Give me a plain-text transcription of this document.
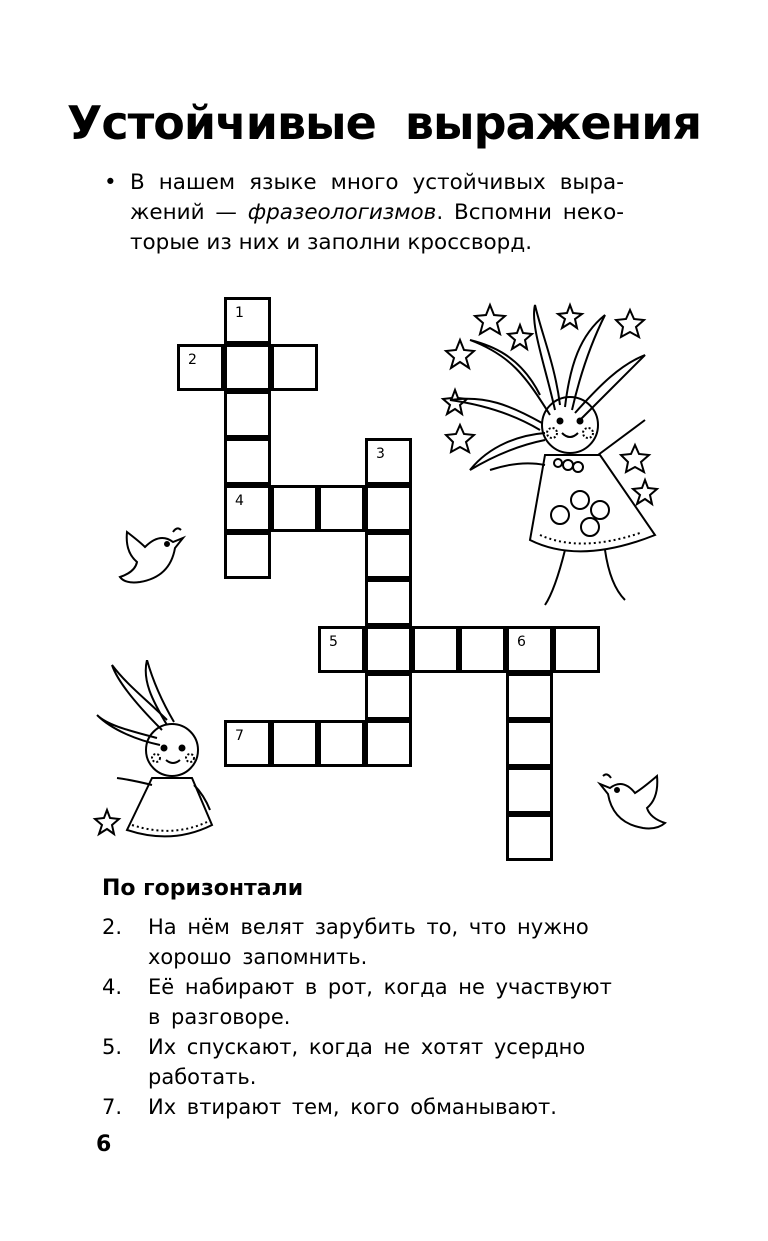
Устойчивые выражения
• В нашем языке много устойчивых выра-
жений — фразеологизмов. Вспомни неко-
торые из них и заполни кроссворд.
1
2
4
3
5	6
7
По горизонтали
2. На нём велят зарубить то, что нужно
хорошо запомнить.
4. Её набирают в рот, когда не участвуют
в разговоре.
5. Их спускают, когда не хотят усердно
работать.
7. Их втирают тем, кого обманывают.
6
